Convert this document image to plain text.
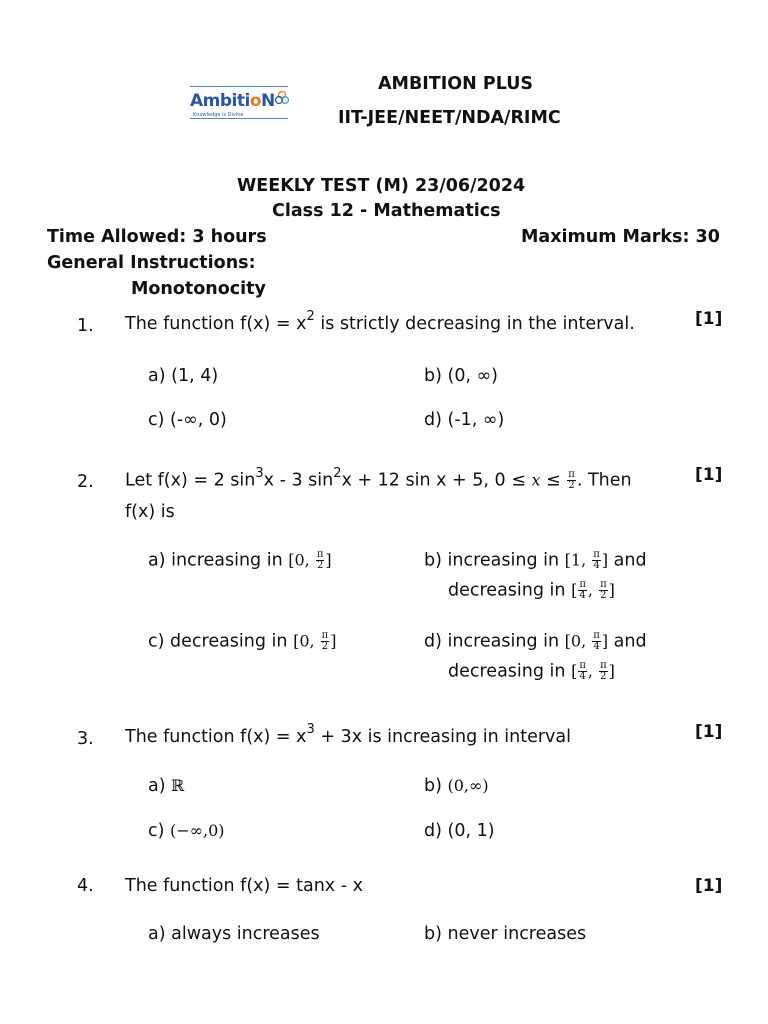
AmbitioN
Knowledge is Divine
AMBITION PLUS
IIT-JEE/NEET/NDA/RIMC
WEEKLY TEST (M) 23/06/2024
Class 12 - Mathematics
Time Allowed: 3 hours	Maximum Marks: 30
General Instructions:
Monotonocity
1. The function $f(x) = x^2$ is strictly decreasing in the interval.	[1]
a) (1, 4)	b) (0, ∞)
c) (-∞, 0)	d) (-1, ∞)
2. Let f(x) = 2 $\sin^3x - 3$ $\sin^2x + 12$ sin x + 5, $0 \le x \le \frac{\pi}{2}$ . Then	[1]
f(x) is
a) increasing in [0, $\frac{\pi}{2}$ ]	b) increasing in [1, $\frac{\pi}{4}$ ] and
decreasing in [ $\frac{\pi}{4}$ , $\frac{\pi}{2}$ ]
c) decreasing in [0, $\frac{\pi}{2}$ ]	d) increasing in [0, $\frac{\pi}{4}$ ] and
decreasing in [ $\frac{\pi}{4}$ , $\frac{\pi}{2}$ ]
3. The function $f(x) = x^3 + 3x$ is increasing in interval	[1]
a) ℝ	b) (0,∞)
c) (−∞,0)	d) (0, 1)
4. The function f(x) = tanx - x	[1]
a) always increases	b) never increases
